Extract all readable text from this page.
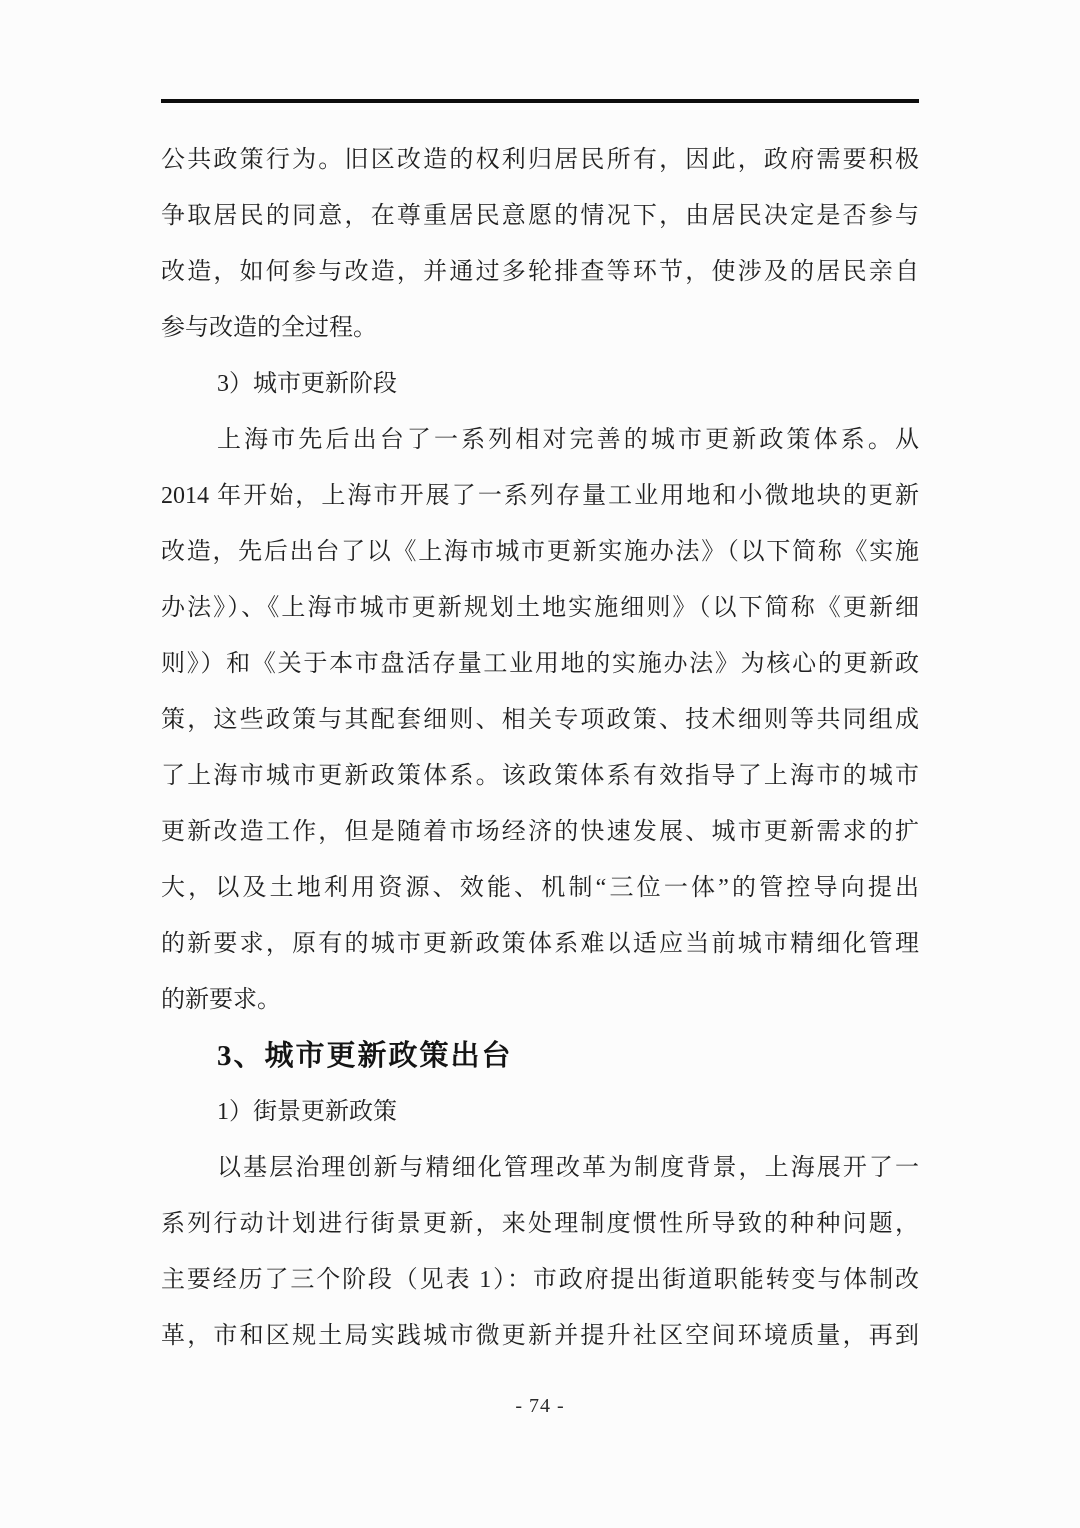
公共政策行为。旧区改造的权利归居民所有，因此，政府需要积极
争取居民的同意，在尊重居民意愿的情况下，由居民决定是否参与
改造，如何参与改造，并通过多轮排查等环节，使涉及的居民亲自
参与改造的全过程。
3）城市更新阶段
上海市先后出台了一系列相对完善的城市更新政策体系。从
2014 年开始，上海市开展了一系列存量工业用地和小微地块的更新
改造，先后出台了以《上海市城市更新实施办法》（以下简称《实施
办法》）、《上海市城市更新规划土地实施细则》（以下简称《更新细
则》）和《关于本市盘活存量工业用地的实施办法》为核心的更新政
策，这些政策与其配套细则、相关专项政策、技术细则等共同组成
了上海市城市更新政策体系。该政策体系有效指导了上海市的城市
更新改造工作，但是随着市场经济的快速发展、城市更新需求的扩
大，以及土地利用资源、效能、机制“三位一体”的管控导向提出
的新要求，原有的城市更新政策体系难以适应当前城市精细化管理
的新要求。
3、城市更新政策出台
1）街景更新政策
以基层治理创新与精细化管理改革为制度背景，上海展开了一
系列行动计划进行街景更新，来处理制度惯性所导致的种种问题，
主要经历了三个阶段（见表 1）：市政府提出街道职能转变与体制改
革，市和区规土局实践城市微更新并提升社区空间环境质量，再到
- 74 -
